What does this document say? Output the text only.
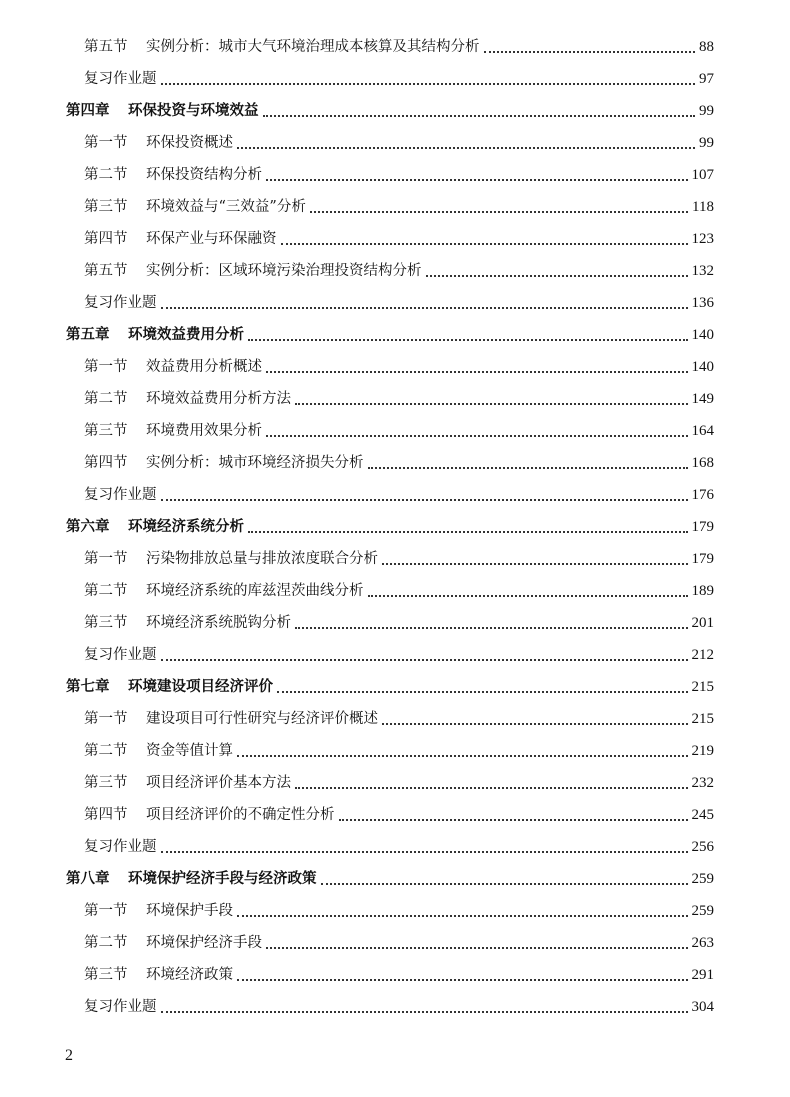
第五节	实例分析：城市大气环境治理成本核算及其结构分析	88
复习作业题	97
第四章	环保投资与环境效益	99
第一节	环保投资概述	99
第二节	环保投资结构分析	107
第三节	环境效益与“三效益”分析	118
第四节	环保产业与环保融资	123
第五节	实例分析：区域环境污染治理投资结构分析	132
复习作业题	136
第五章	环境效益费用分析	140
第一节	效益费用分析概述	140
第二节	环境效益费用分析方法	149
第三节	环境费用效果分析	164
第四节	实例分析：城市环境经济损失分析	168
复习作业题	176
第六章	环境经济系统分析	179
第一节	污染物排放总量与排放浓度联合分析	179
第二节	环境经济系统的库兹涅茨曲线分析	189
第三节	环境经济系统脱钩分析	201
复习作业题	212
第七章	环境建设项目经济评价	215
第一节	建设项目可行性研究与经济评价概述	215
第二节	资金等值计算	219
第三节	项目经济评价基本方法	232
第四节	项目经济评价的不确定性分析	245
复习作业题	256
第八章	环境保护经济手段与经济政策	259
第一节	环境保护手段	259
第二节	环境保护经济手段	263
第三节	环境经济政策	291
复习作业题	304
2
